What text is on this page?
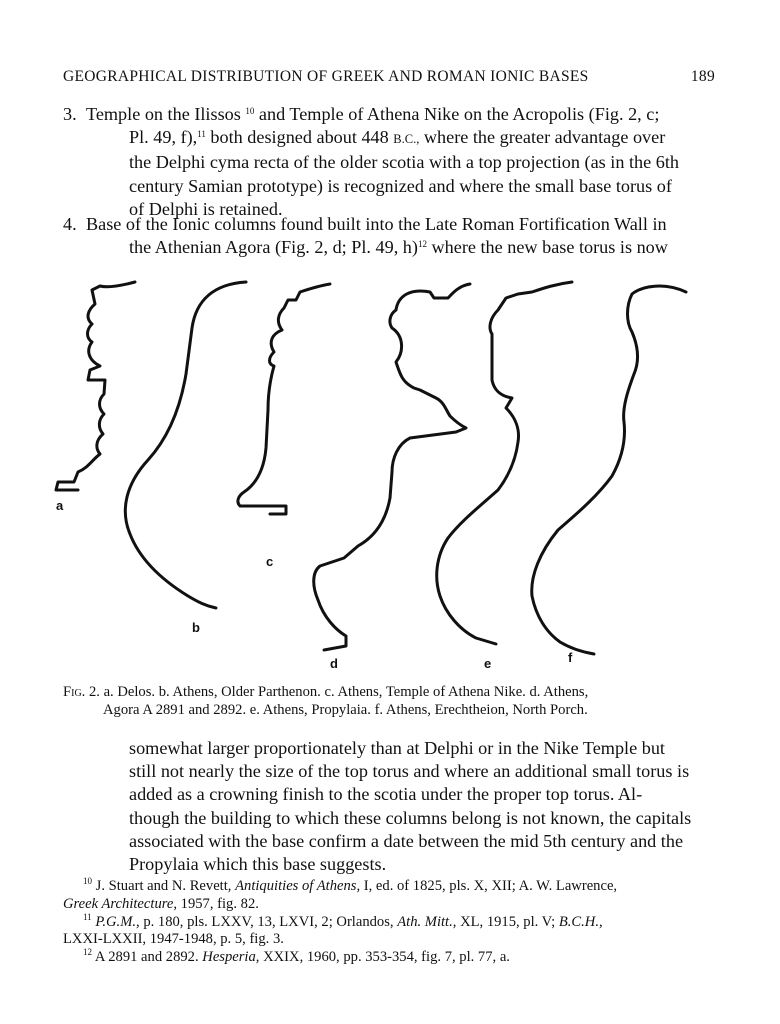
GEOGRAPHICAL DISTRIBUTION OF GREEK AND ROMAN IONIC BASES	189
3. Temple on the Ilissos $^{10}$ and Temple of Athena Nike on the Acropolis (Fig. 2, c;
Pl. 49, f),$^{11}$ both designed about 448 B.C., where the greater advantage over
the Delphi cyma recta of the older scotia with a top projection (as in the 6th
century Samian prototype) is recognized and where the small base torus of
of Delphi is retained.
4. Base of the Ionic columns found built into the Late Roman Fortification Wall in
the Athenian Agora (Fig. 2, d; Pl. 49, h)$^{12}$ where the new base torus is now
a
b
c
d	e	f
Fig. 2. a. Delos. b. Athens, Older Parthenon. c. Athens, Temple of Athena Nike. d. Athens,
Agora A 2891 and 2892. e. Athens, Propylaia. f. Athens, Erechtheion, North Porch.
somewhat larger proportionately than at Delphi or in the Nike Temple but
still not nearly the size of the top torus and where an additional small torus is
added as a crowning finish to the scotia under the proper top torus. Al-
though the building to which these columns belong is not known, the capitals
associated with the base confirm a date between the mid 5th century and the
Propylaia which this base suggests.
$^{10}$ J. Stuart and N. Revett, Antiquities of Athens, I, ed. of 1825, pls. X, XII; A. W. Lawrence,
Greek Architecture, 1957, fig. 82.
$^{11}$ P.G.M., p. 180, pls. LXXV, 13, LXVI, 2; Orlandos, Ath. Mitt., XL, 1915, pl. V; B.C.H.,
LXXI-LXXII, 1947-1948, p. 5, fig. 3.
$^{12}$ A 2891 and 2892. Hesperia, XXIX, 1960, pp. 353-354, fig. 7, pl. 77, a.
